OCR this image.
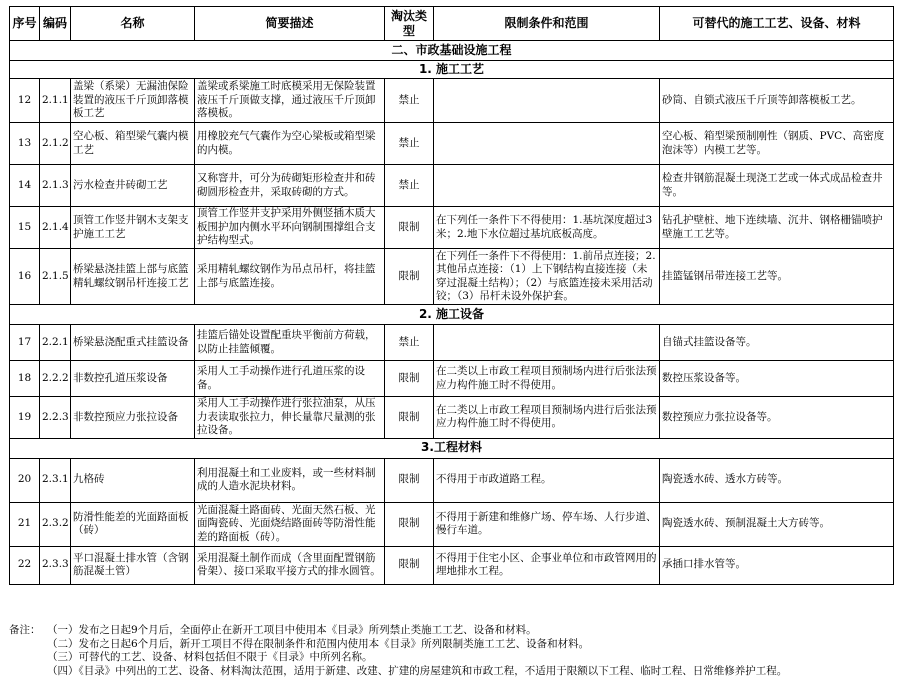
序号	编码	名称	简要描述	淘汰类型	限制条件和范围	可替代的施工工艺、设备、材料
二、市政基础设施工程						
1. 施工工艺						
12	2.1.1	盖梁（系梁）无漏油保险装置的液压千斤顶卸落模板工艺	盖梁或系梁施工时底模采用无保险装置液压千斤顶做支撑，通过液压千斤顶卸落模板。	禁止		砂筒、自锁式液压千斤顶等卸落模板工艺。
13	2.1.2	空心板、箱型梁气囊内模工艺	用橡胶充气气囊作为空心梁板或箱型梁的内模。	禁止		空心板、箱型梁预制刚性（钢质、PVC、高密度泡沫等）内模工艺等。
14	2.1.3	污水检查井砖砌工艺	又称窨井，可分为砖砌矩形检查井和砖砌圆形检查井，采取砖砌的方式。	禁止		检查井钢筋混凝土现浇工艺或一体式成品检查井等。
15	2.1.4	顶管工作竖井钢木支架支护施工工艺	顶管工作竖井支护采用外侧竖插木质大板围护加内侧水平环向钢制围撑组合支护结构型式。	限制	在下列任一条件下不得使用：1.基坑深度超过3米；2.地下水位超过基坑底板高度。	钻孔护壁桩、地下连续墙、沉井、钢格栅锚喷护壁施工工艺等。
16	2.1.5	桥梁悬浇挂篮上部与底篮精轧螺纹钢吊杆连接工艺	采用精轧螺纹钢作为吊点吊杆，将挂篮上部与底篮连接。	限制	在下列任一条件下不得使用：1.前吊点连接；2.其他吊点连接：（1）上下钢结构直接连接（未穿过混凝土结构）；（2）与底篮连接未采用活动铰；（3）吊杆未设外保护套。	挂篮锰钢吊带连接工艺等。
2. 施工设备						
17	2.2.1	桥梁悬浇配重式挂篮设备	挂篮后锚处设置配重块平衡前方荷载，以防止挂篮倾覆。	禁止		自锚式挂篮设备等。
18	2.2.2	非数控孔道压浆设备	采用人工手动操作进行孔道压浆的设备。	限制	在二类以上市政工程项目预制场内进行后张法预应力构件施工时不得使用。	数控压浆设备等。
19	2.2.3	非数控预应力张拉设备	采用人工手动操作进行张拉油泵，从压力表读取张拉力，伸长量靠尺量测的张拉设备。	限制	在二类以上市政工程项目预制场内进行后张法预应力构件施工时不得使用。	数控预应力张拉设备等。
3.工程材料						
20	2.3.1	九格砖	利用混凝土和工业废料，或一些材料制成的人造水泥块材料。	限制	不得用于市政道路工程。	陶瓷透水砖、透水方砖等。
21	2.3.2	防滑性能差的光面路面板（砖）	光面混凝土路面砖、光面天然石板、光面陶瓷砖、光面烧结路面砖等防滑性能差的路面板（砖）。	限制	不得用于新建和维修广场、停车场、人行步道、慢行车道。	陶瓷透水砖、预制混凝土大方砖等。
22	2.3.3	平口混凝土排水管（含钢筋混凝土管）	采用混凝土制作而成（含里面配置钢筋骨架）、接口采取平接方式的排水圆管。	限制	不得用于住宅小区、企事业单位和市政管网用的埋地排水工程。	承插口排水管等。
备注： （一）发布之日起9个月后，全面停止在新开工项目中使用本《目录》所列禁止类施工工艺、设备和材料。
（二）发布之日起6个月后，新开工项目不得在限制条件和范围内使用本《目录》所列限制类施工工艺、设备和材料。
（三）可替代的工艺、设备、材料包括但不限于《目录》中所列名称。
（四）《目录》中列出的工艺、设备、材料淘汰范围，适用于新建、改建、扩建的房屋建筑和市政工程，不适用于限额以下工程、临时工程、日常维修养护工程。
